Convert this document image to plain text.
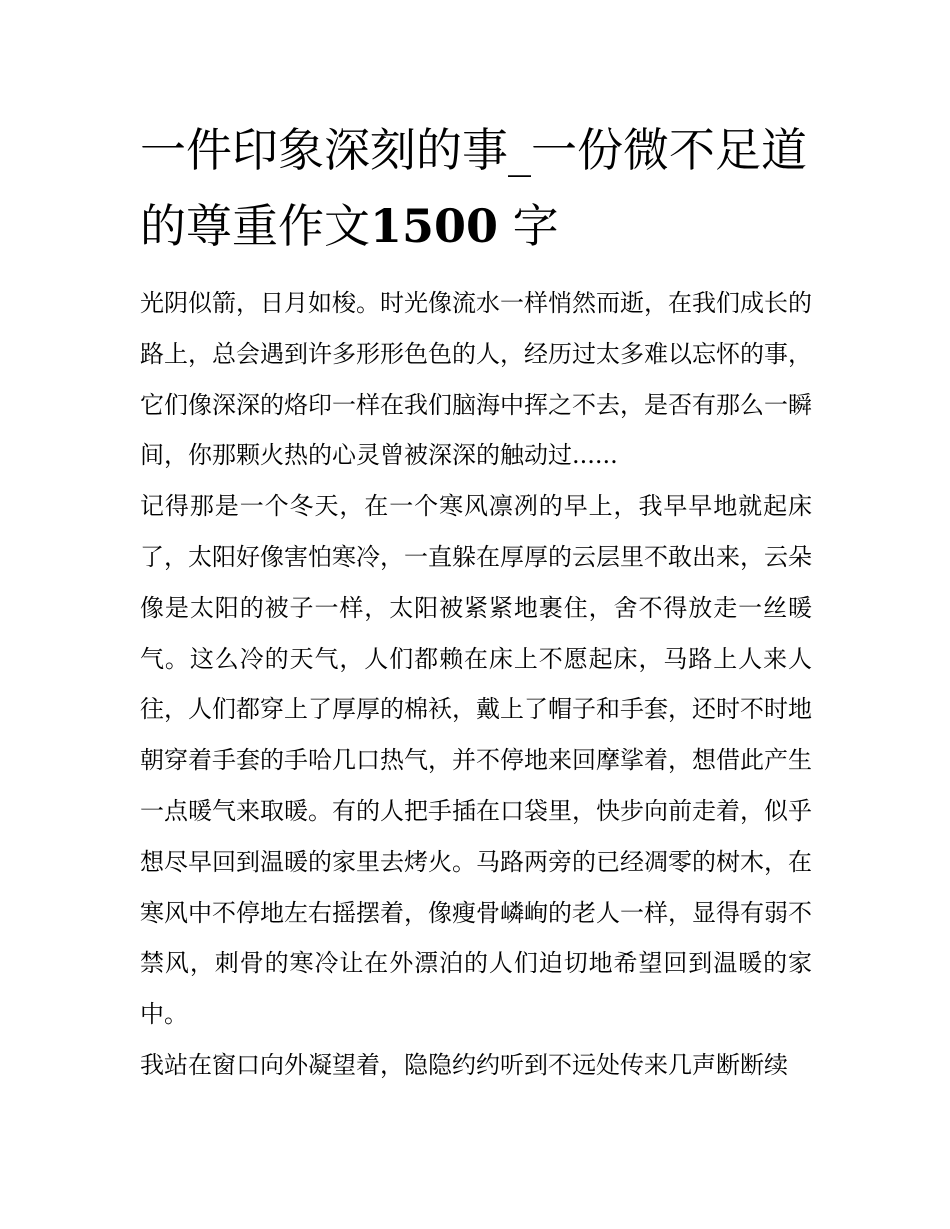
一件印象深刻的事_一份微不足道的尊重作文1500 字

光阴似箭，日月如梭。时光像流水一样悄然而逝，在我们成长的路上，总会遇到许多形形色色的人，经历过太多难以忘怀的事，它们像深深的烙印一样在我们脑海中挥之不去，是否有那么一瞬间，你那颗火热的心灵曾被深深的触动过......

记得那是一个冬天，在一个寒风凛冽的早上，我早早地就起床了，太阳好像害怕寒冷，一直躲在厚厚的云层里不敢出来，云朵像是太阳的被子一样，太阳被紧紧地裹住，舍不得放走一丝暖气。这么冷的天气，人们都赖在床上不愿起床，马路上人来人往，人们都穿上了厚厚的棉袄，戴上了帽子和手套，还时不时地朝穿着手套的手哈几口热气，并不停地来回摩挲着，想借此产生一点暖气来取暖。有的人把手插在口袋里，快步向前走着，似乎想尽早回到温暖的家里去烤火。马路两旁的已经凋零的树木，在寒风中不停地左右摇摆着，像瘦骨嶙峋的老人一样，显得有弱不禁风，刺骨的寒冷让在外漂泊的人们迫切地希望回到温暖的家中。

我站在窗口向外凝望着，隐隐约约听到不远处传来几声断断续
